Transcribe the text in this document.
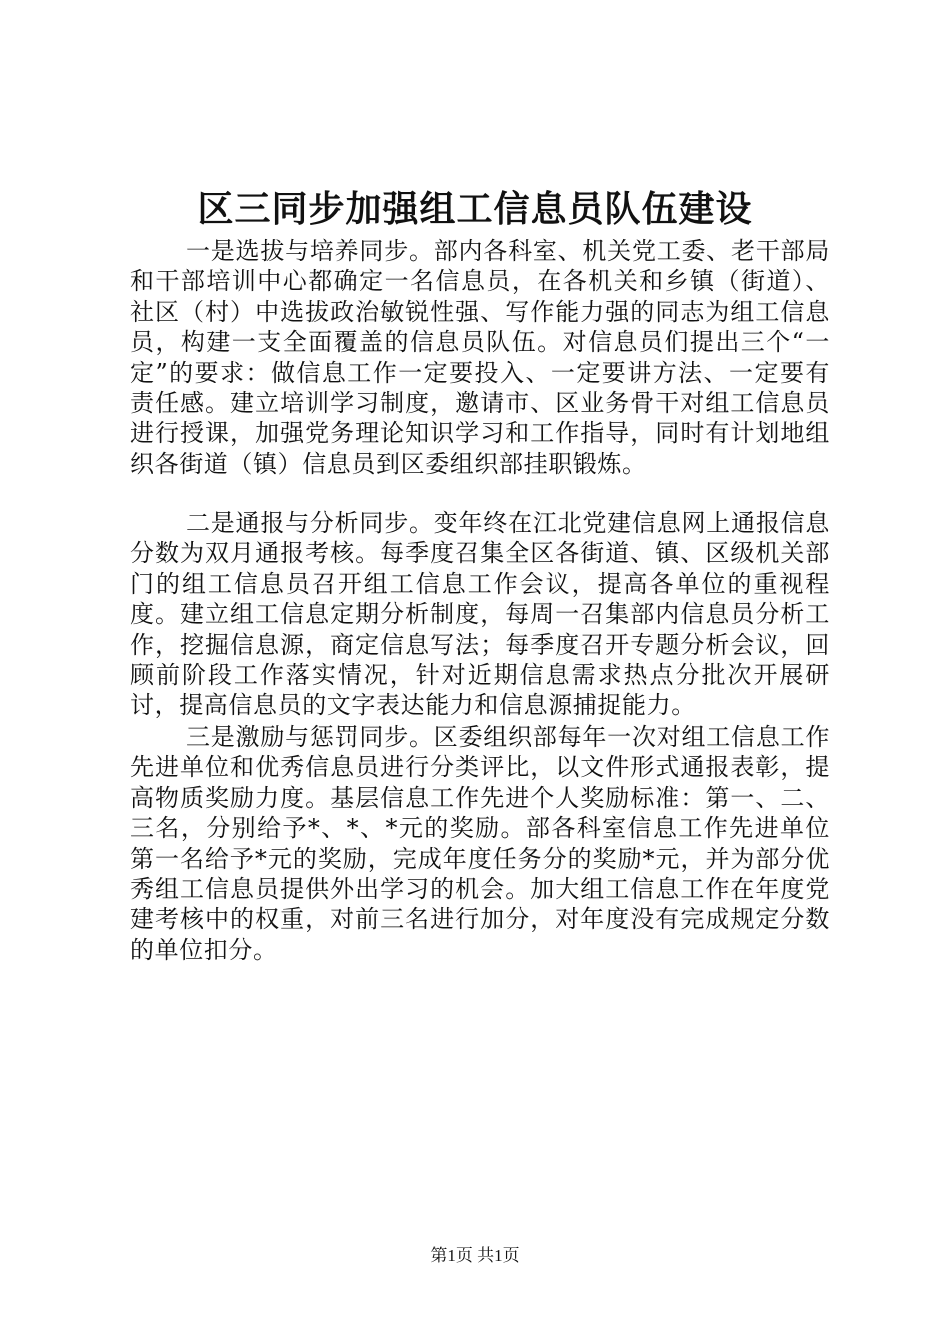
区三同步加强组工信息员队伍建设

一是选拔与培养同步。部内各科室、机关党工委、老干部局和干部培训中心都确定一名信息员，在各机关和乡镇（街道）、社区（村）中选拔政治敏锐性强、写作能力强的同志为组工信息员，构建一支全面覆盖的信息员队伍。对信息员们提出三个“一定”的要求：做信息工作一定要投入、一定要讲方法、一定要有责任感。建立培训学习制度，邀请市、区业务骨干对组工信息员进行授课，加强党务理论知识学习和工作指导，同时有计划地组织各街道（镇）信息员到区委组织部挂职锻炼。

二是通报与分析同步。变年终在江北党建信息网上通报信息分数为双月通报考核。每季度召集全区各街道、镇、区级机关部门的组工信息员召开组工信息工作会议，提高各单位的重视程度。建立组工信息定期分析制度，每周一召集部内信息员分析工作，挖掘信息源，商定信息写法；每季度召开专题分析会议，回顾前阶段工作落实情况，针对近期信息需求热点分批次开展研讨，提高信息员的文字表达能力和信息源捕捉能力。

三是激励与惩罚同步。区委组织部每年一次对组工信息工作先进单位和优秀信息员进行分类评比，以文件形式通报表彰，提高物质奖励力度。基层信息工作先进个人奖励标准：第一、二、三名，分别给予*、*、*元的奖励。部各科室信息工作先进单位第一名给予*元的奖励，完成年度任务分的奖励*元，并为部分优秀组工信息员提供外出学习的机会。加大组工信息工作在年度党建考核中的权重，对前三名进行加分，对年度没有完成规定分数的单位扣分。

第1页 共1页
